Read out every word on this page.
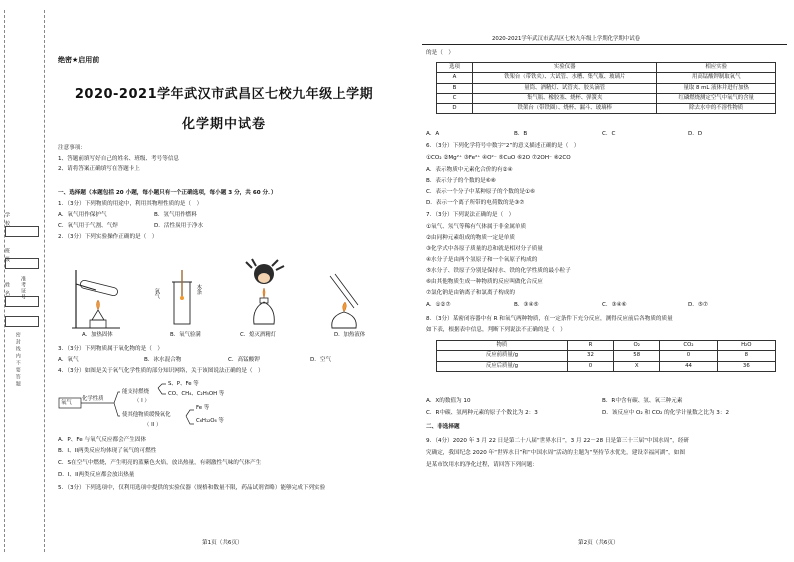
学 校
班 级
姓 名 准考证号
密封线内不要答题
绝密★启用前
2020-2021学年武汉市武昌区七校九年级上学期
化学期中试卷
注意事项：
1、答题前填写好自己的姓名、班级、考号等信息
2、请将答案正确填写在答题卡上
一、选择题（本题包括 20 小题，每小题只有一个正确选项，每小题 3 分，共 60 分．）
1．（3分）下列物质的用途中，利用其物理性质的是（　）
A．氧气用作保护气	B．氢气用作燃料
C．氧气用于气割、气焊	D．活性炭用于净水
2．（3分）下列实验操作正确的是（　）
A．加热固体
氧气	木条
B．氧气验满	C．熄灭酒精灯	D．加热液体
3．（3分）下列物质属于氧化物的是（　）
A．氧气	B．冰水混合物	C．高锰酸钾	D．空气
4．（3分）如图是关于氧气化学性质的部分知识网络，关于该图说法正确的是（　）
氧气
化学性质
能支持燃烧
S、P、Fe 等
CO、CH₄、C₂H₅OH 等
（ I ）
使其他物质缓慢氧化
Fe 等
C₆H₁₂O₆ 等
（ II ）
A．P、Fe 与氧气反应都会产生固体
B．I、II两类反应均体现了氧气的可燃性
C．S在空气中燃烧，产生明亮的蓝紫色火焰，放出热量，有刺激性气味的气体产生
D．I、II两类反应都会放出热量
5．（3分）下列选项中，仅利用选项中提供的实验仪器（规格和数量不限，药品试剂省略）能够完成下列实验
第1页（共6页）
2020-2021学年武汉市武昌区七校九年级上学期化学期中试卷
的是（　）
选项	实验仪器	相应实验
A	铁架台（带铁夹）、大试管、水槽、集气瓶、玻璃片	用高锰酸钾制取氧气
B	量筒、酒精灯、试管夹、胶头滴管	量取 8 mL 液体并进行加热
C	集气瓶、橡胶塞、烧杯、弹簧夹	红磷燃烧测定空气中氧气的含量
D	铁架台（带铁圈）、烧杯、漏斗、玻璃棒	除去水中的不溶性物质
A．A	B．B	C．C	D．D
6．（3分）下列化学符号中数字“2”的意义描述正确的是（　）
①CO₂ ②Mg²⁺ ③Fe²⁺ ④O²⁻ ⑤CuO ⑥2O ⑦2OH⁻ ⑧2CO
A．表示物质中元素化合价的有②④
B．表示分子的个数的是⑥⑧
C．表示一个分子中某种原子的个数的是①⑥
D．表示一个离子所带的电荷数的是③⑦
7．（3分）下列说法正确的是（　）
①氧气、氖气等稀有气体属于非金属单质
②由同种元素组成的物质一定是单质
③化学式中各原子质量的总和就是相对分子质量
④水分子是由两个氢原子和一个氧原子构成的
⑤水分子、铁原子分别是保持水、铁的化学性质的最小粒子
⑥由其他物质生成一种物质的反应叫做化合反应
⑦氯化钠是由钠离子和氯离子构成的
A．①②⑦	B．③④⑤	C．③④⑥	D．⑤⑦
8．（3分）某密闭容器中有 R 和氧气两种物质，在一定条件下充分反应，测得反应前后各物质的质量
如下表，根据表中信息，判断下列说法不正确的是（　）
物质	R	O₂	CO₂	H₂O
反应前质量/g	32	58	0	8
反应后质量/g	0	X	44	36
A．X的数值为 10	B．R中含有碳、氢、氧三种元素
C．R中碳、氢两种元素的原子个数比为 2：3	D．该反应中 O₂ 和 CO₂ 的化学计量数之比为 3：2
二、非选择题
9．（4分）2020 年 3 月 22 日是第二十八届“世界水日”，3 月 22－28 日是第三十三届“中国水周”，经研
究确定，我国纪念 2020 年“世界水日”和“中国水周”活动的主题为“坚持节水优先，建设幸福河湖”，如图
是某市饮用水的净化过程，请回答下列问题：
第2页（共6页）
